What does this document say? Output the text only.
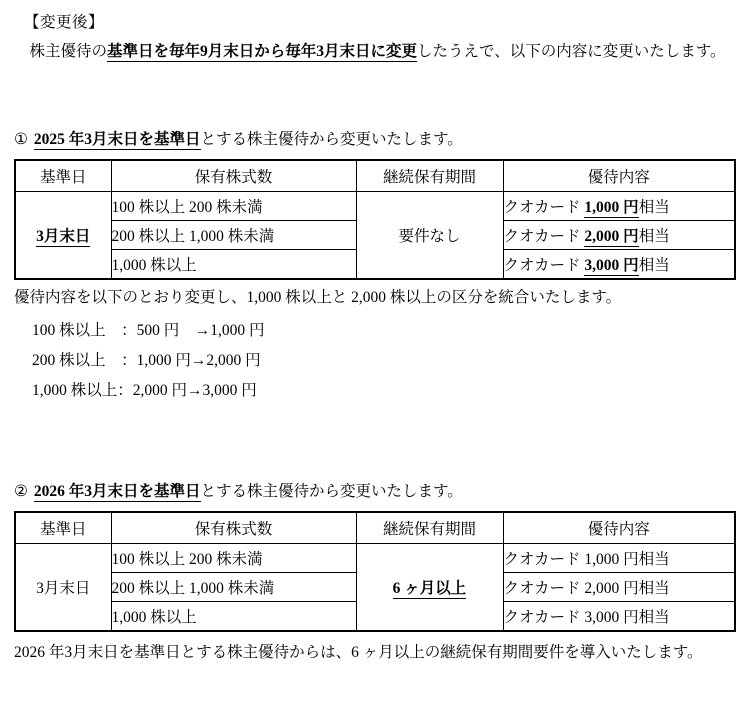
【変更後】

　株主優待の基準日を毎年9月末日から毎年3月末日に変更したうえで、以下の内容に変更いたします。

① 2025 年3月末日を基準日とする株主優待から変更いたします。
基準日	保有株式数	継続保有期間	優待内容
3月末日	100 株以上 200 株未満	要件なし	クオカード 1,000 円相当
	200 株以上 1,000 株未満		クオカード 2,000 円相当
	1,000 株以上		クオカード 3,000 円相当
優待内容を以下のとおり変更し、1,000 株以上と 2,000 株以上の区分を統合いたします。
100 株以上　：500 円　→1,000 円
200 株以上　：1,000 円→2,000 円
1,000 株以上：2,000 円→3,000 円
② 2026 年3月末日を基準日とする株主優待から変更いたします。
基準日	保有株式数	継続保有期間	優待内容
3月末日	100 株以上 200 株未満	6 ヶ月以上	クオカード 1,000 円相当
	200 株以上 1,000 株未満		クオカード 2,000 円相当
	1,000 株以上		クオカード 3,000 円相当
2026 年3月末日を基準日とする株主優待からは、6 ヶ月以上の継続保有期間要件を導入いたします。
